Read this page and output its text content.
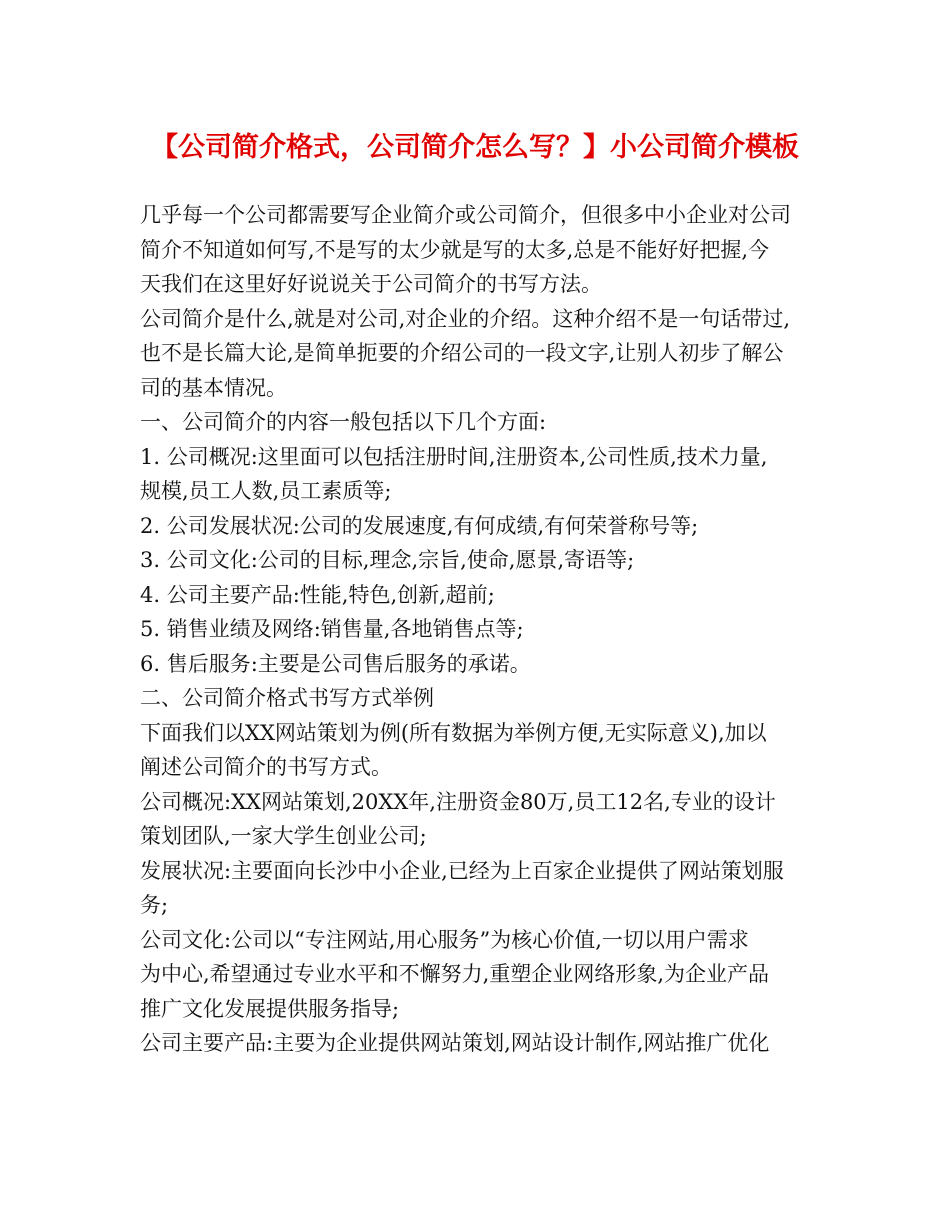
【公司简介格式，公司简介怎么写？】小公司简介模板
几乎每一个公司都需要写企业简介或公司简介，但很多中小企业对公司
简介不知道如何写,不是写的太少就是写的太多,总是不能好好把握,今
天我们在这里好好说说关于公司简介的书写方法。
公司简介是什么,就是对公司,对企业的介绍。这种介绍不是一句话带过,
也不是长篇大论,是简单扼要的介绍公司的一段文字,让别人初步了解公
司的基本情况。
一、公司简介的内容一般包括以下几个方面:
1. 公司概况:这里面可以包括注册时间,注册资本,公司性质,技术力量,
规模,员工人数,员工素质等;
2. 公司发展状况:公司的发展速度,有何成绩,有何荣誉称号等;
3. 公司文化:公司的目标,理念,宗旨,使命,愿景,寄语等;
4. 公司主要产品:性能,特色,创新,超前;
5. 销售业绩及网络:销售量,各地销售点等;
6. 售后服务:主要是公司售后服务的承诺。
二、公司简介格式书写方式举例
下面我们以XX网站策划为例(所有数据为举例方便,无实际意义),加以
阐述公司简介的书写方式。
公司概况:XX网站策划,20XX年,注册资金80万,员工12名,专业的设计
策划团队,一家大学生创业公司;
发展状况:主要面向长沙中小企业,已经为上百家企业提供了网站策划服
务;
公司文化:公司以“专注网站,用心服务”为核心价值,一切以用户需求
为中心,希望通过专业水平和不懈努力,重塑企业网络形象,为企业产品
推广文化发展提供服务指导;
公司主要产品:主要为企业提供网站策划,网站设计制作,网站推广优化
